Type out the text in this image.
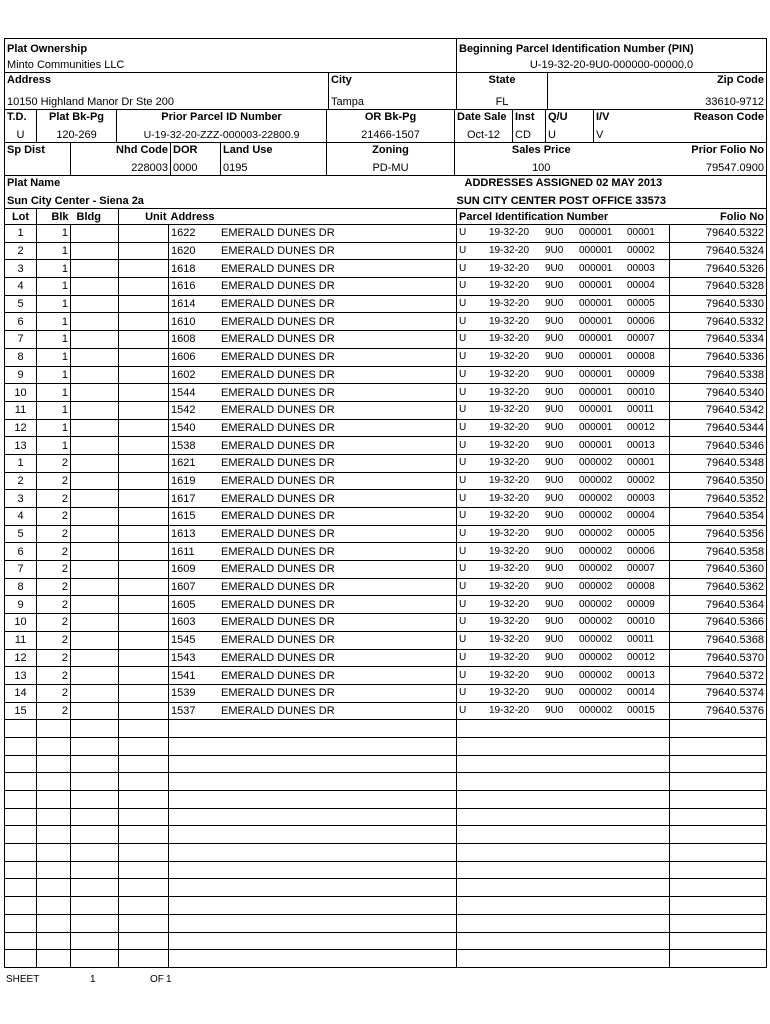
Plat Ownership		Beginning Parcel Identification Number (PIN)	
Minto Communities LLC		U-19-32-20-9U0-000000-00000.0	
Address	City	State	Zip Code
10150 Highland Manor Dr Ste 200	Tampa	FL	33610-9712
T.D.	Plat Bk-Pg	Prior Parcel ID Number	OR Bk-Pg	Date Sale	Inst	Q/U	I/V Reason Code

U	120-269	U-19-32-20-ZZZ-000003-22800.9	21466-1507	Oct-12	CD	U	V
Sp Dist	Nhd Code	DOR	Land Use	Zoning	Sales Price	Prior Folio No
	228003	0000	0195	PD-MU	100	79547.0900
Plat Name	ADDRESSES ASSIGNED 02 MAY 2013
Sun City Center - Siena 2a	SUN CITY CENTER POST OFFICE 33573
Lot	Blk	Bldg	Unit	Address	Parcel Identification Number	Folio No
1	1			1622 EMERALD DUNES DR	U 19-32-20 9U0 000001 00001	79640.5322
2	1			1620 EMERALD DUNES DR	U 19-32-20 9U0 000001 00002	79640.5324
3	1			1618 EMERALD DUNES DR	U 19-32-20 9U0 000001 00003	79640.5326
4	1			1616 EMERALD DUNES DR	U 19-32-20 9U0 000001 00004	79640.5328
5	1			1614 EMERALD DUNES DR	U 19-32-20 9U0 000001 00005	79640.5330
6	1			1610 EMERALD DUNES DR	U 19-32-20 9U0 000001 00006	79640.5332
7	1			1608 EMERALD DUNES DR	U 19-32-20 9U0 000001 00007	79640.5334
8	1			1606 EMERALD DUNES DR	U 19-32-20 9U0 000001 00008	79640.5336
9	1			1602 EMERALD DUNES DR	U 19-32-20 9U0 000001 00009	79640.5338
10	1			1544 EMERALD DUNES DR	U 19-32-20 9U0 000001 00010	79640.5340
11	1			1542 EMERALD DUNES DR	U 19-32-20 9U0 000001 00011	79640.5342
12	1			1540 EMERALD DUNES DR	U 19-32-20 9U0 000001 00012	79640.5344
13	1			1538 EMERALD DUNES DR	U 19-32-20 9U0 000001 00013	79640.5346
1	2			1621 EMERALD DUNES DR	U 19-32-20 9U0 000002 00001	79640.5348
2	2			1619 EMERALD DUNES DR	U 19-32-20 9U0 000002 00002	79640.5350
3	2			1617 EMERALD DUNES DR	U 19-32-20 9U0 000002 00003	79640.5352
4	2			1615 EMERALD DUNES DR	U 19-32-20 9U0 000002 00004	79640.5354
5	2			1613 EMERALD DUNES DR	U 19-32-20 9U0 000002 00005	79640.5356
6	2			1611 EMERALD DUNES DR	U 19-32-20 9U0 000002 00006	79640.5358
7	2			1609 EMERALD DUNES DR	U 19-32-20 9U0 000002 00007	79640.5360
8	2			1607 EMERALD DUNES DR	U 19-32-20 9U0 000002 00008	79640.5362
9	2			1605 EMERALD DUNES DR	U 19-32-20 9U0 000002 00009	79640.5364
10	2			1603 EMERALD DUNES DR	U 19-32-20 9U0 000002 00010	79640.5366
11	2			1545 EMERALD DUNES DR	U 19-32-20 9U0 000002 00011	79640.5368
12	2			1543 EMERALD DUNES DR	U 19-32-20 9U0 000002 00012	79640.5370
13	2			1541 EMERALD DUNES DR	U 19-32-20 9U0 000002 00013	79640.5372
14	2			1539 EMERALD DUNES DR	U 19-32-20 9U0 000002 00014	79640.5374
15	2			1537 EMERALD DUNES DR	U 19-32-20 9U0 000002 00015	79640.5376

SHEET	1	OF 1
